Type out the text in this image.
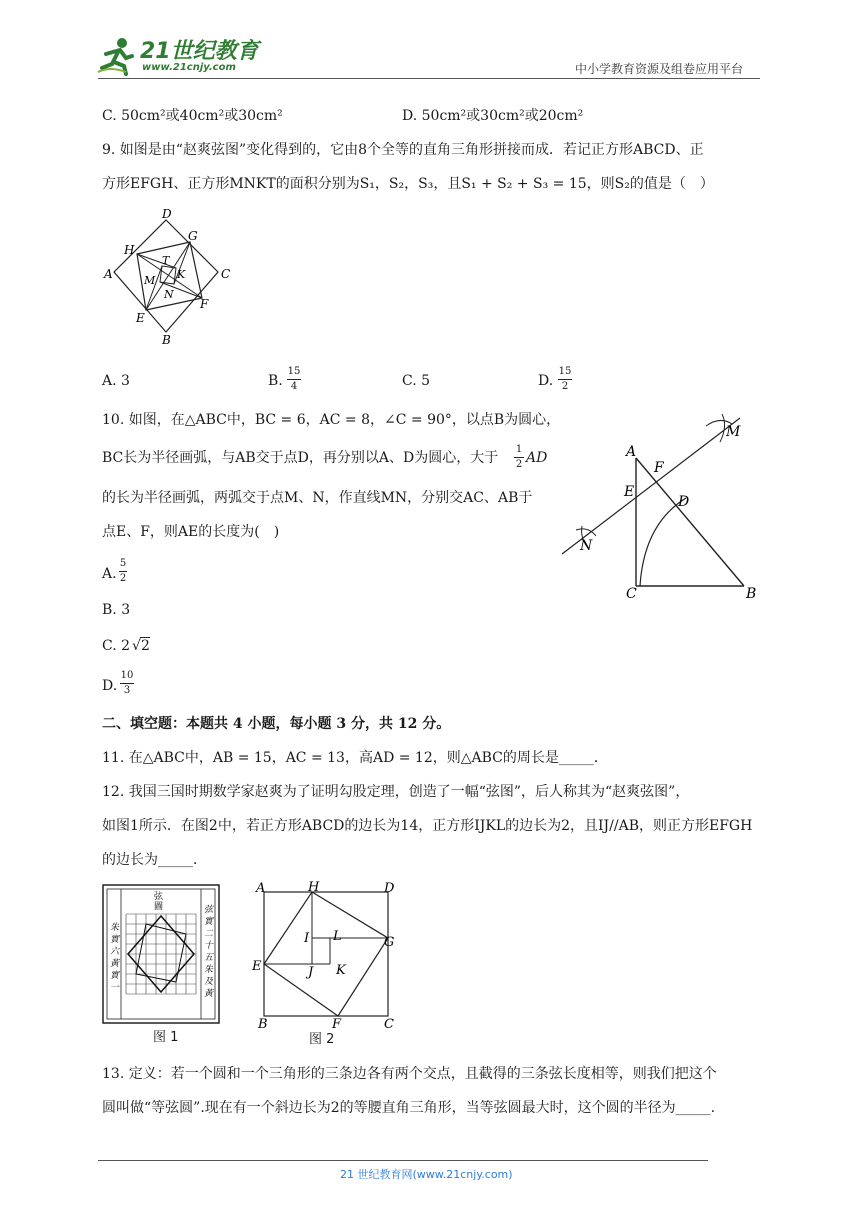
21世纪教育
www.21cnjy.com	中小学教育资源及组卷应用平台
C. 50cm²或40cm²或30cm²	D. 50cm²或30cm²或20cm²
9. 如图是由“赵爽弦图”变化得到的，它由8个全等的直角三角形拼接而成．若记正方形ABCD、正
方形EFGH、正方形MNKT的面积分别为S₁，S₂，S₃，且S₁ + S₂ + S₃ = 15，则S₂的值是（　）
D
H
G
T
K
A	M	C
N
F
E
B
A. 3	B.
15
4	C. 5	D.
15
2
10. 如图，在△ABC中，BC = 6，AC = 8，∠C = 90°，以点B为圆心，
BC长为半径画弧，与AB交于点D，再分别以A、D为圆心，大于
1
2 AD
的长为半径画弧，两弧交于点M、N，作直线MN，分别交AC、AB于
点E、F，则AE的长度为(　)
M
A
F
E
D
N
C	B
A.
5
2
B. 3
C. 2 √ 2
D.
10
3
二、填空题：本题共 4 小题，每小题 3 分，共 12 分。
11. 在△ABC中，AB = 15，AC = 13，高AD = 12，则△ABC的周长是_____．
12. 我国三国时期数学家赵爽为了证明勾股定理，创造了一幅“弦图”，后人称其为“赵爽弦图”，
如图1所示．在图2中，若正方形ABCD的边长为14，正方形IJKL的边长为2，且IJ//AB，则正方形EFGH
的边长为_____．
弦 圖
朱
實
六
黃
實
一
弦
實
二
十
五
朱
及
黃
图 1
A	H	D
I L	G
E	J K
B	F	C
图 2
13. 定义：若一个圆和一个三角形的三条边各有两个交点，且截得的三条弦长度相等，则我们把这个
圆叫做“等弦圆”.现在有一个斜边长为2的等腰直角三角形，当等弦圆最大时，这个圆的半径为_____.
21 世纪教育网(www.21cnjy.com)
